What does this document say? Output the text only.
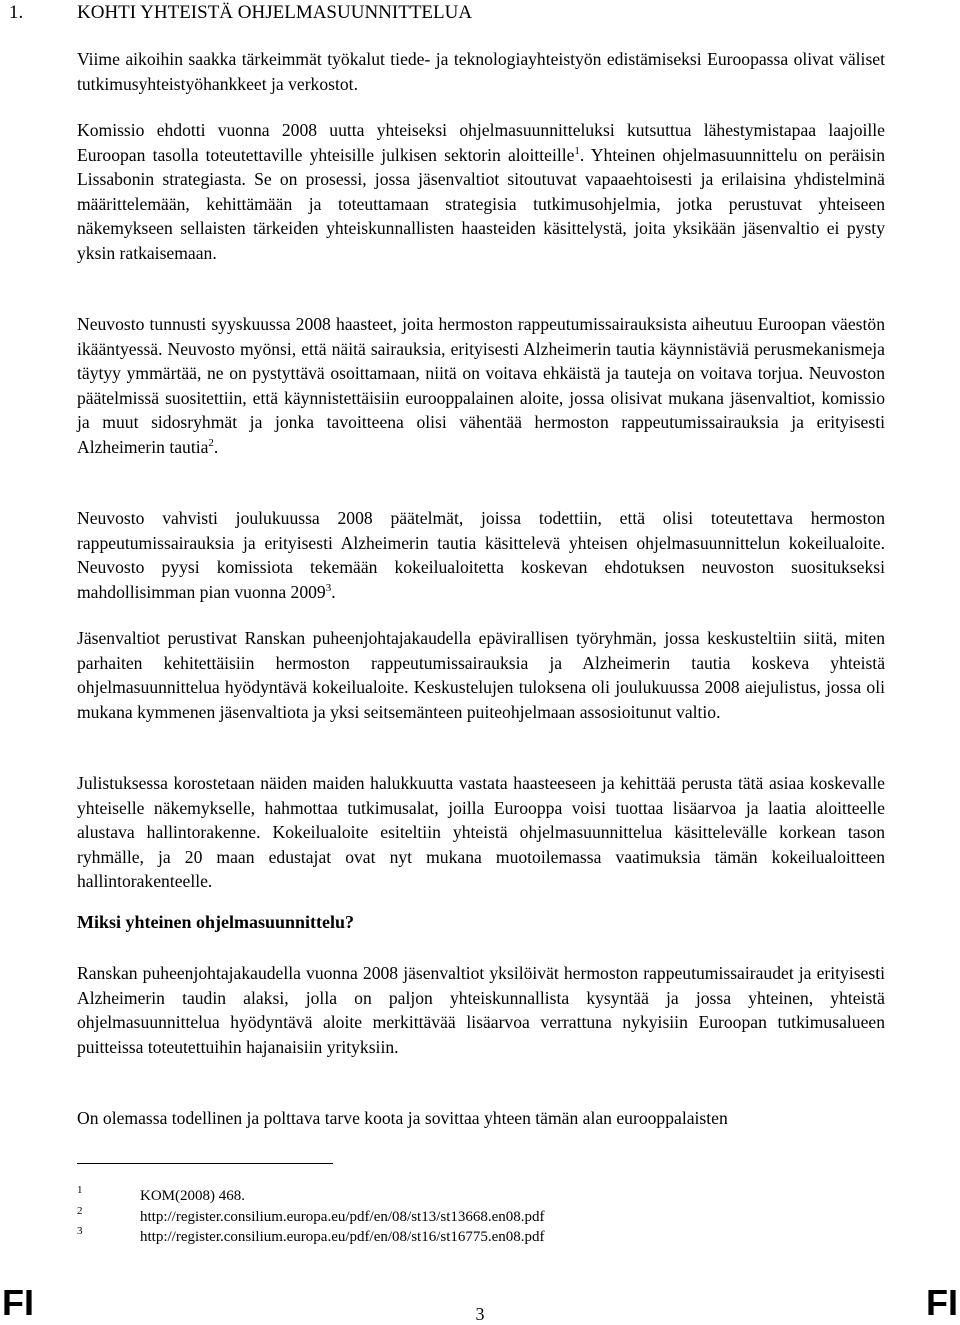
1.	KOHTI YHTEISTÄ OHJELMASUUNNITTELUA

Viime aikoihin saakka tärkeimmät työkalut tiede- ja teknologiayhteistyön edistämiseksi Euroopassa olivat väliset tutkimusyhteistyöhankkeet ja verkostot.

Komissio ehdotti vuonna 2008 uutta yhteiseksi ohjelmasuunnitteluksi kutsuttua lähestymistapaa laajoille Euroopan tasolla toteutettaville yhteisille julkisen sektorin aloitteille$^1$. Yhteinen ohjelmasuunnittelu on peräisin Lissabonin strategiasta. Se on prosessi, jossa jäsenvaltiot sitoutuvat vapaaehtoisesti ja erilaisina yhdistelminä määrittelemään, kehittämään ja toteuttamaan strategisia tutkimusohjelmia, jotka perustuvat yhteiseen näkemykseen sellaisten tärkeiden yhteiskunnallisten haasteiden käsittelystä, joita yksikään jäsenvaltio ei pysty yksin ratkaisemaan.

Neuvosto tunnusti syyskuussa 2008 haasteet, joita hermoston rappeutumissairauksista aiheutuu Euroopan väestön ikääntyessä. Neuvosto myönsi, että näitä sairauksia, erityisesti Alzheimerin tautia käynnistäviä perusmekanismeja täytyy ymmärtää, ne on pystyttävä osoittamaan, niitä on voitava ehkäistä ja tauteja on voitava torjua. Neuvoston päätelmissä suositettiin, että käynnistettäisiin eurooppalainen aloite, jossa olisivat mukana jäsenvaltiot, komissio ja muut sidosryhmät ja jonka tavoitteena olisi vähentää hermoston rappeutumissairauksia ja erityisesti Alzheimerin tautia$^2$.

Neuvosto vahvisti joulukuussa 2008 päätelmät, joissa todettiin, että olisi toteutettava hermoston rappeutumissairauksia ja erityisesti Alzheimerin tautia käsittelevä yhteisen ohjelmasuunnittelun kokeilualoite. Neuvosto pyysi komissiota tekemään kokeilualoitetta koskevan ehdotuksen neuvoston suositukseksi mahdollisimman pian vuonna 2009$^3$.

Jäsenvaltiot perustivat Ranskan puheenjohtajakaudella epävirallisen työryhmän, jossa keskusteltiin siitä, miten parhaiten kehitettäisiin hermoston rappeutumissairauksia ja Alzheimerin tautia koskeva yhteistä ohjelmasuunnittelua hyödyntävä kokeilualoite. Keskustelujen tuloksena oli joulukuussa 2008 aiejulistus, jossa oli mukana kymmenen jäsenvaltiota ja yksi seitsemänteen puiteohjelmaan assosioitunut valtio.

Julistuksessa korostetaan näiden maiden halukkuutta vastata haasteeseen ja kehittää perusta tätä asiaa koskevalle yhteiselle näkemykselle, hahmottaa tutkimusalat, joilla Eurooppa voisi tuottaa lisäarvoa ja laatia aloitteelle alustava hallintorakenne. Kokeilualoite esiteltiin yhteistä ohjelmasuunnittelua käsittelevälle korkean tason ryhmälle, ja 20 maan edustajat ovat nyt mukana muotoilemassa vaatimuksia tämän kokeilualoitteen hallintorakenteelle.

Miksi yhteinen ohjelmasuunnittelu?

Ranskan puheenjohtajakaudella vuonna 2008 jäsenvaltiot yksilöivät hermoston rappeutumissairaudet ja erityisesti Alzheimerin taudin alaksi, jolla on paljon yhteiskunnallista kysyntää ja jossa yhteinen, yhteistä ohjelmasuunnittelua hyödyntävä aloite merkittävää lisäarvoa verrattuna nykyisiin Euroopan tutkimusalueen puitteissa toteutettuihin hajanaisiin yrityksiin.

On olemassa todellinen ja polttava tarve koota ja sovittaa yhteen tämän alan eurooppalaisten

1	KOM(2008) 468.
2	http://register.consilium.europa.eu/pdf/en/08/st13/st13668.en08.pdf
3	http://register.consilium.europa.eu/pdf/en/08/st16/st16775.en08.pdf
FI	3	FI
